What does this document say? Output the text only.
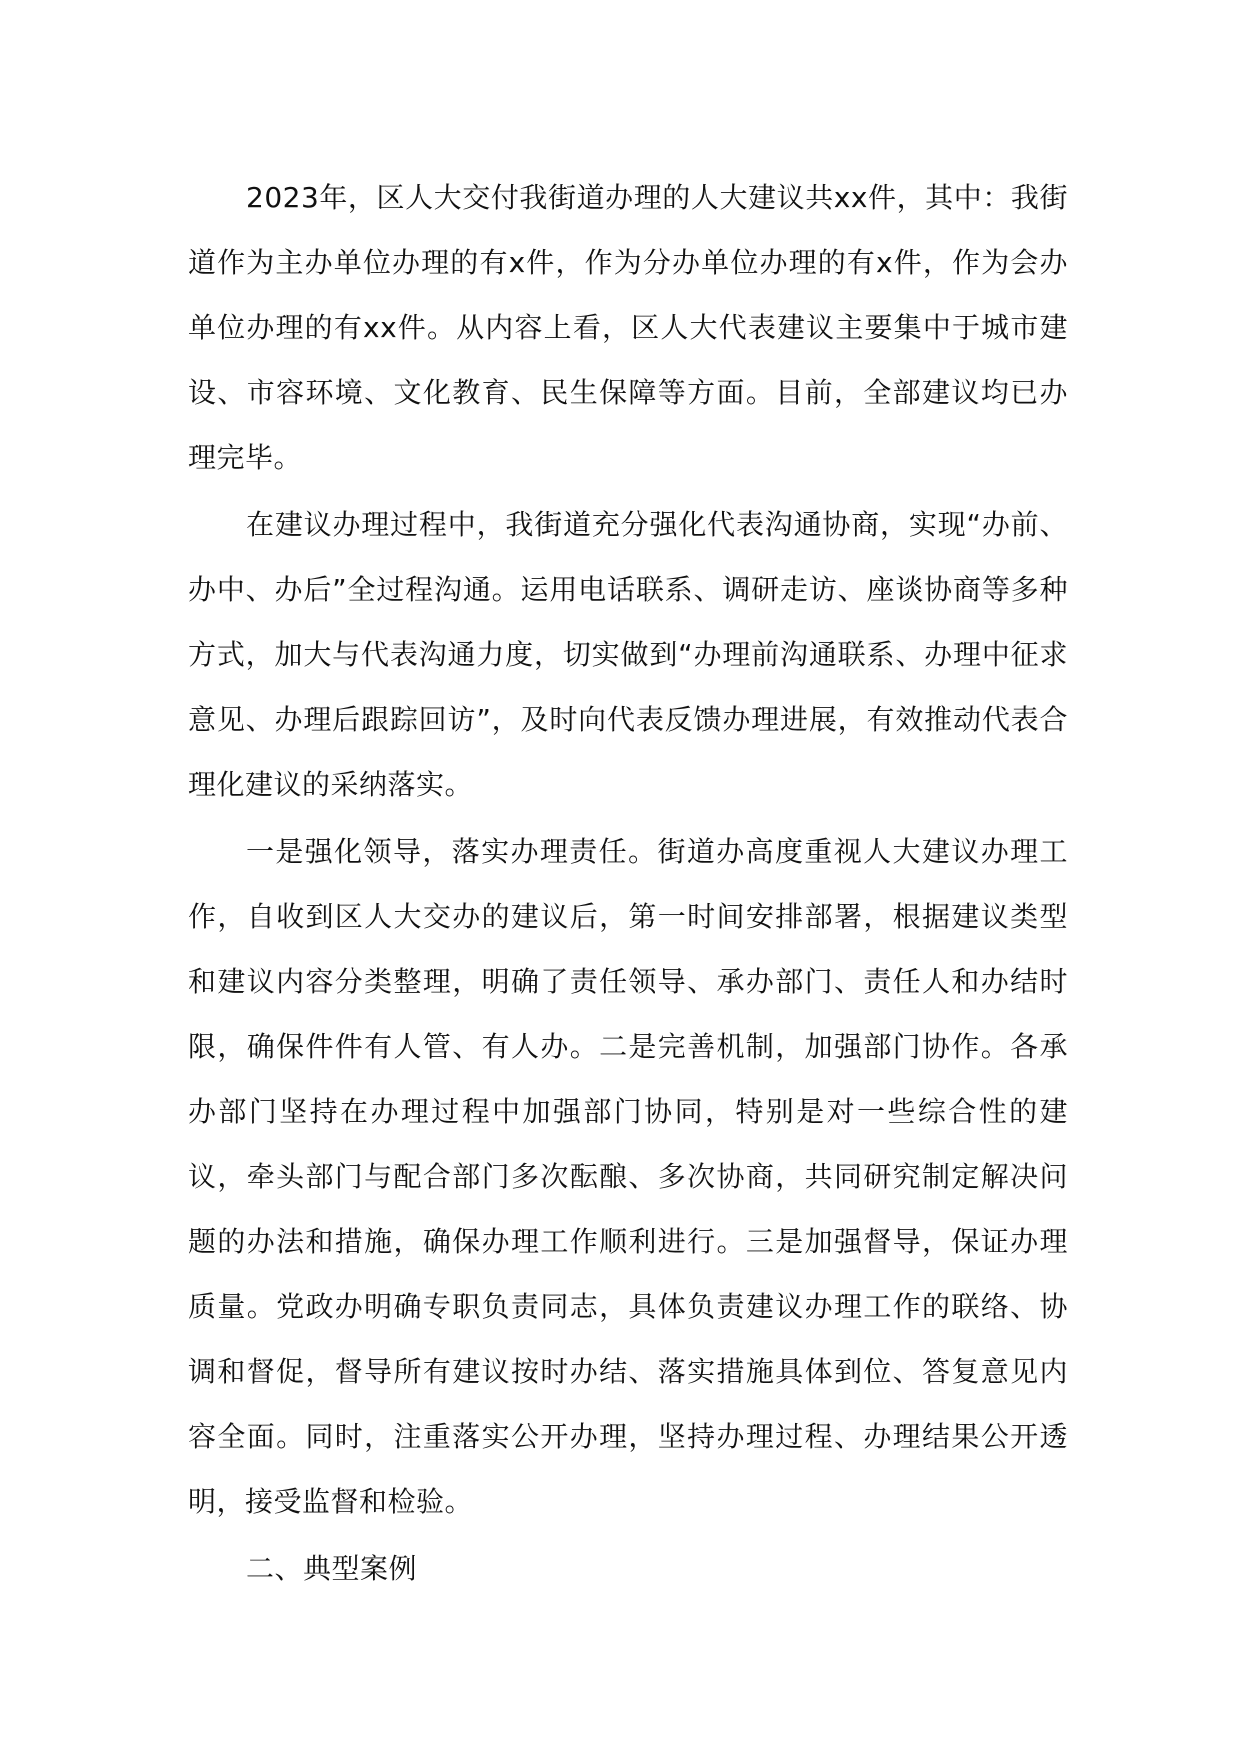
2023年，区人大交付我街道办理的人大建议共xx件，其中：我街道作为主办单位办理的有x件，作为分办单位办理的有x件，作为会办单位办理的有xx件。从内容上看，区人大代表建议主要集中于城市建设、市容环境、文化教育、民生保障等方面。目前，全部建议均已办理完毕。

在建议办理过程中，我街道充分强化代表沟通协商，实现“办前、办中、办后”全过程沟通。运用电话联系、调研走访、座谈协商等多种方式，加大与代表沟通力度，切实做到“办理前沟通联系、办理中征求意见、办理后跟踪回访”，及时向代表反馈办理进展，有效推动代表合理化建议的采纳落实。

一是强化领导，落实办理责任。街道办高度重视人大建议办理工作，自收到区人大交办的建议后，第一时间安排部署，根据建议类型和建议内容分类整理，明确了责任领导、承办部门、责任人和办结时限，确保件件有人管、有人办。二是完善机制，加强部门协作。各承办部门坚持在办理过程中加强部门协同，特别是对一些综合性的建议，牵头部门与配合部门多次酝酿、多次协商，共同研究制定解决问题的办法和措施，确保办理工作顺利进行。三是加强督导，保证办理质量。党政办明确专职负责同志，具体负责建议办理工作的联络、协调和督促，督导所有建议按时办结、落实措施具体到位、答复意见内容全面。同时，注重落实公开办理，坚持办理过程、办理结果公开透明，接受监督和检验。

二、典型案例
